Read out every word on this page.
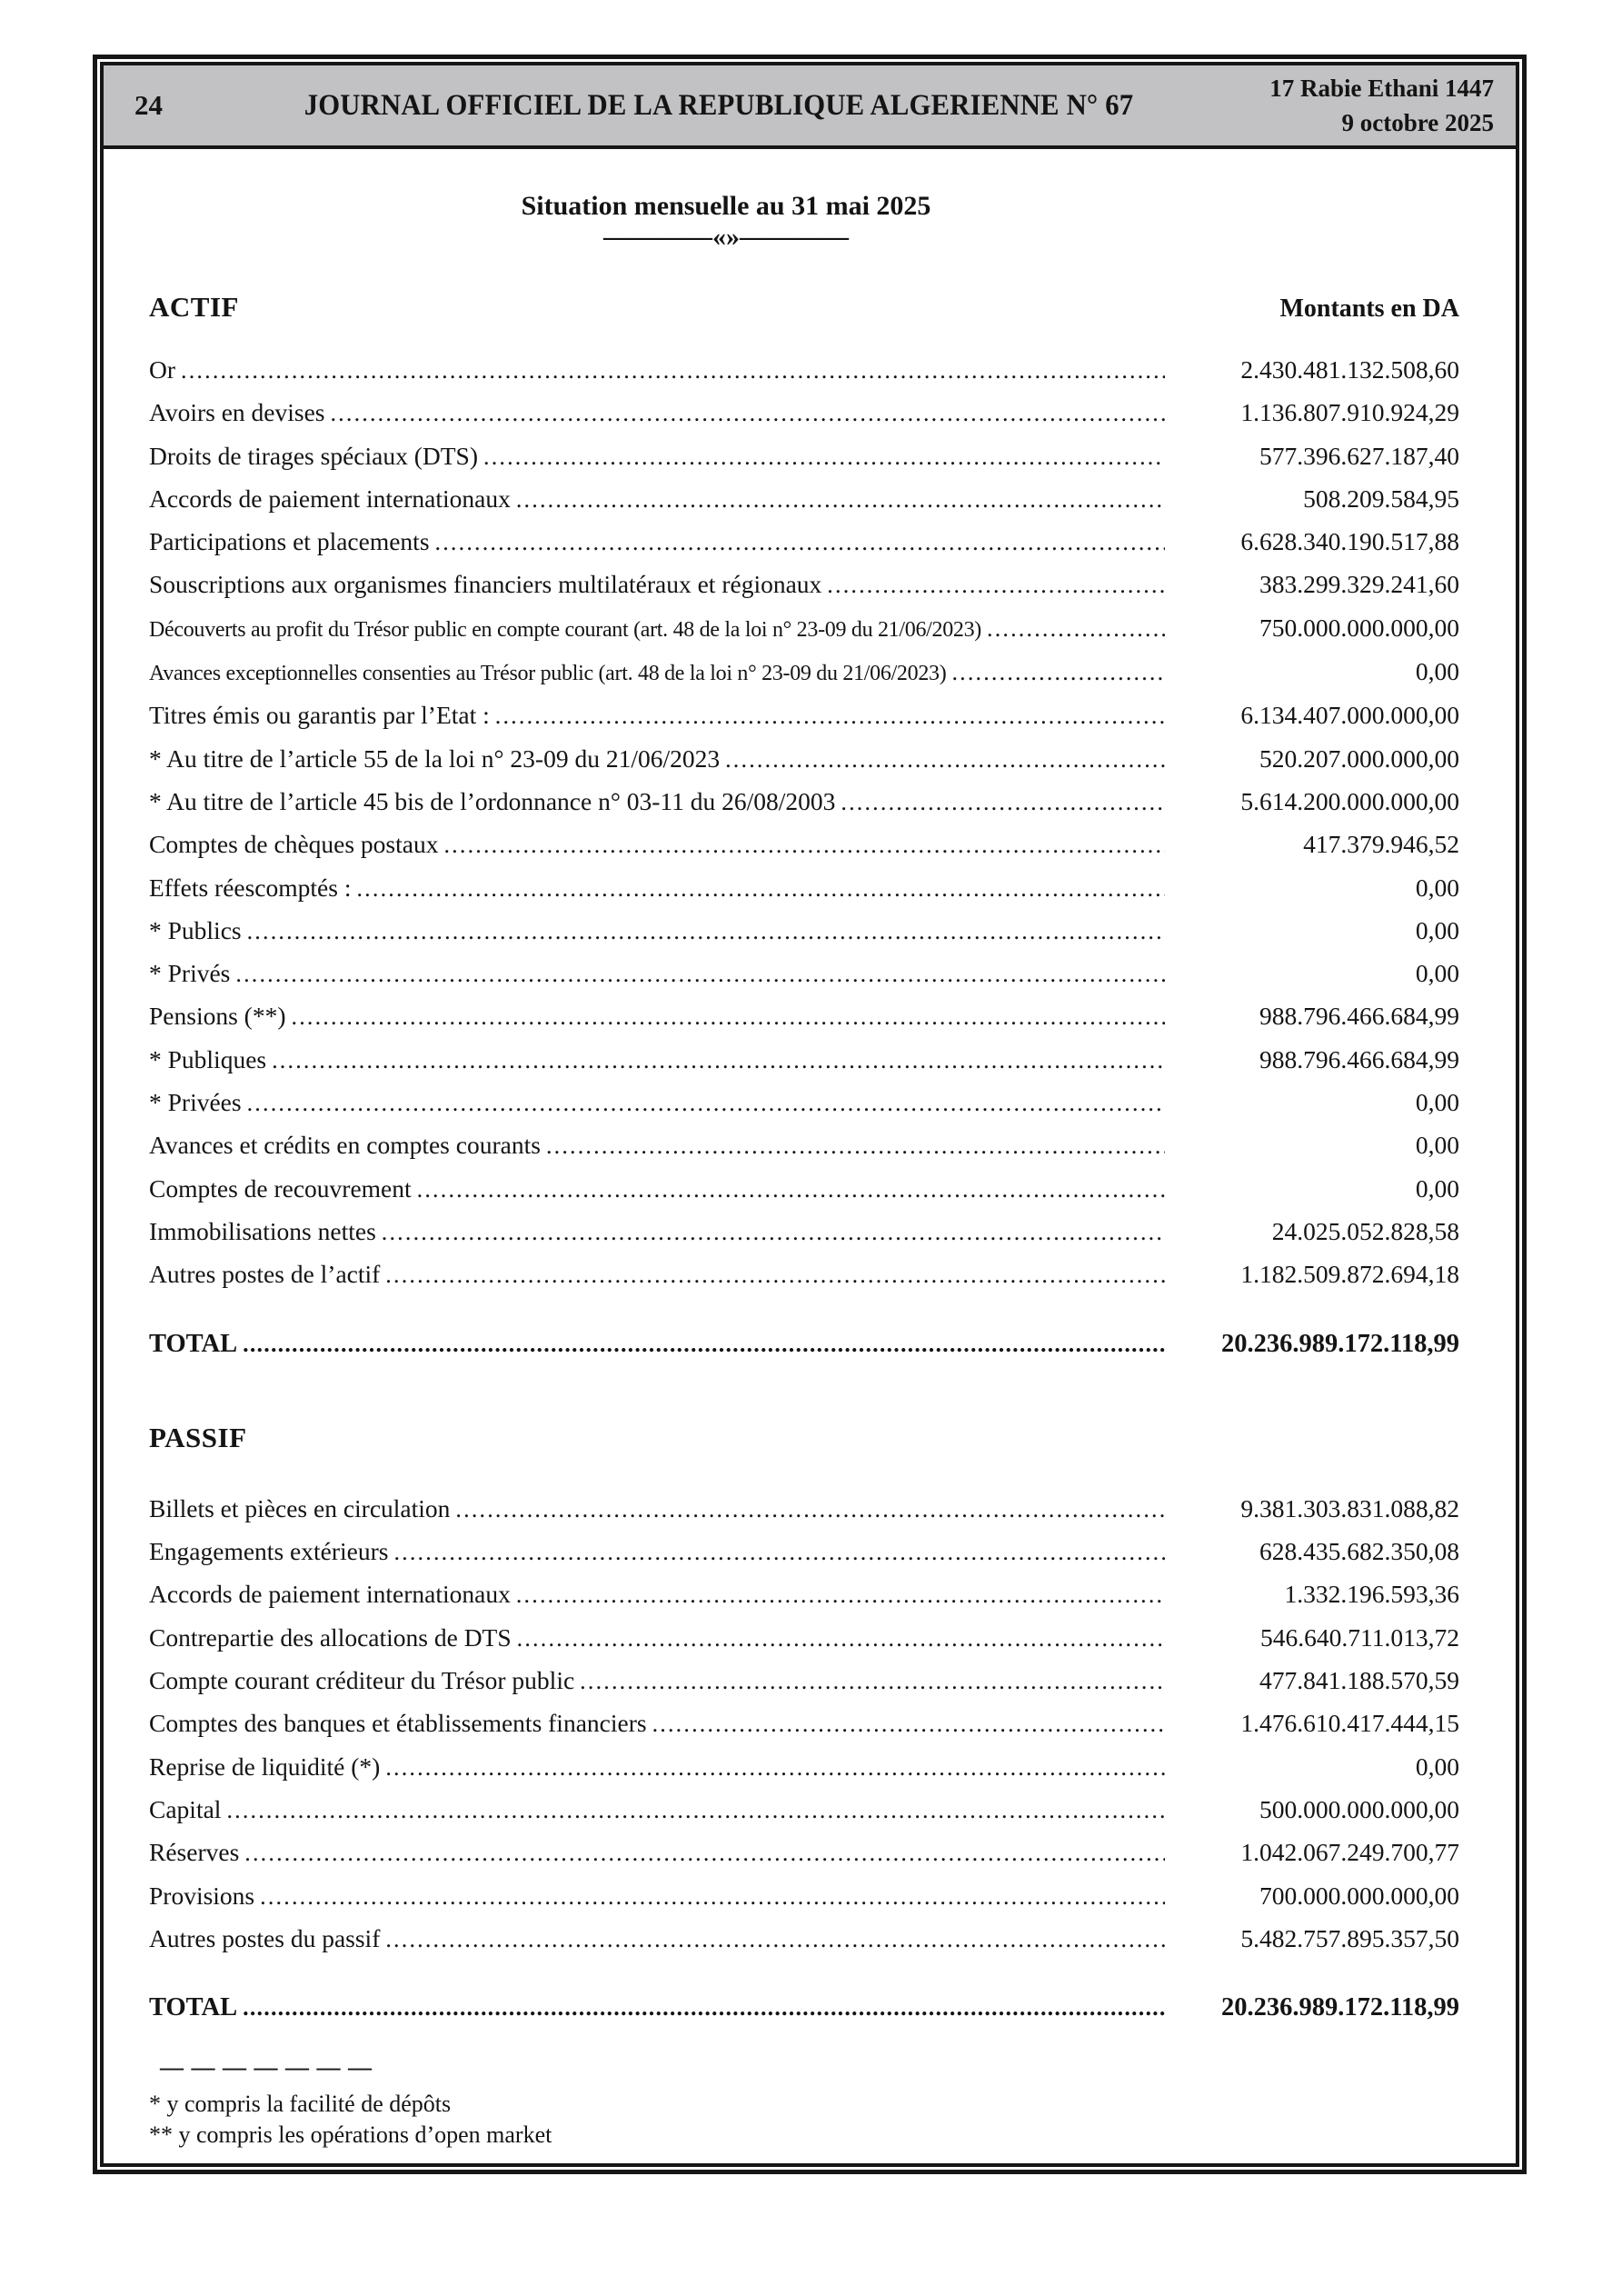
24	JOURNAL OFFICIEL DE LA REPUBLIQUE ALGERIENNE N° 67
17 Rabie Ethani 1447
9 octobre 2025
Situation mensuelle au 31 mai 2025
————«»————
ACTIF	Montants en DA
Or .....	2.430.481.132.508,60
Avoirs en devises .....	1.136.807.910.924,29
Droits de tirages spéciaux (DTS) .....	577.396.627.187,40
Accords de paiement internationaux .....	508.209.584,95
Participations et placements .....	6.628.340.190.517,88
Souscriptions aux organismes financiers multilatéraux et régionaux .....	383.299.329.241,60
Découverts au profit du Trésor public en compte courant (art. 48 de la loi n° 23-09 du 21/06/2023) .....	750.000.000.000,00
Avances exceptionnelles consenties au Trésor public (art. 48 de la loi n° 23-09 du 21/06/2023) .....	0,00
Titres émis ou garantis par l’Etat : .....	6.134.407.000.000,00
* Au titre de l’article 55 de la loi n° 23-09 du 21/06/2023 .....	520.207.000.000,00
* Au titre de l’article 45 bis de l’ordonnance n° 03-11 du 26/08/2003 .....	5.614.200.000.000,00
Comptes de chèques postaux .....	417.379.946,52
Effets réescomptés : .....	0,00
* Publics .....	0,00
* Privés .....	0,00
Pensions (**) .....	988.796.466.684,99
* Publiques .....	988.796.466.684,99
* Privées .....	0,00
Avances et crédits en comptes courants .....	0,00
Comptes de recouvrement .....	0,00
Immobilisations nettes .....	24.025.052.828,58
Autres postes de l’actif .....	1.182.509.872.694,18
TOTAL .....	20.236.989.172.118,99
PASSIF
Billets et pièces en circulation .....	9.381.303.831.088,82
Engagements extérieurs .....	628.435.682.350,08
Accords de paiement internationaux .....	1.332.196.593,36
Contrepartie des allocations de DTS .....	546.640.711.013,72
Compte courant créditeur du Trésor public .....	477.841.188.570,59
Comptes des banques et établissements financiers .....	1.476.610.417.444,15
Reprise de liquidité (*) .....	0,00
Capital .....	500.000.000.000,00
Réserves .....	1.042.067.249.700,77
Provisions .....	700.000.000.000,00
Autres postes du passif .....	5.482.757.895.357,50
TOTAL .....	20.236.989.172.118,99
— — — — — — —
* y compris la facilité de dépôts
** y compris les opérations d’open market
